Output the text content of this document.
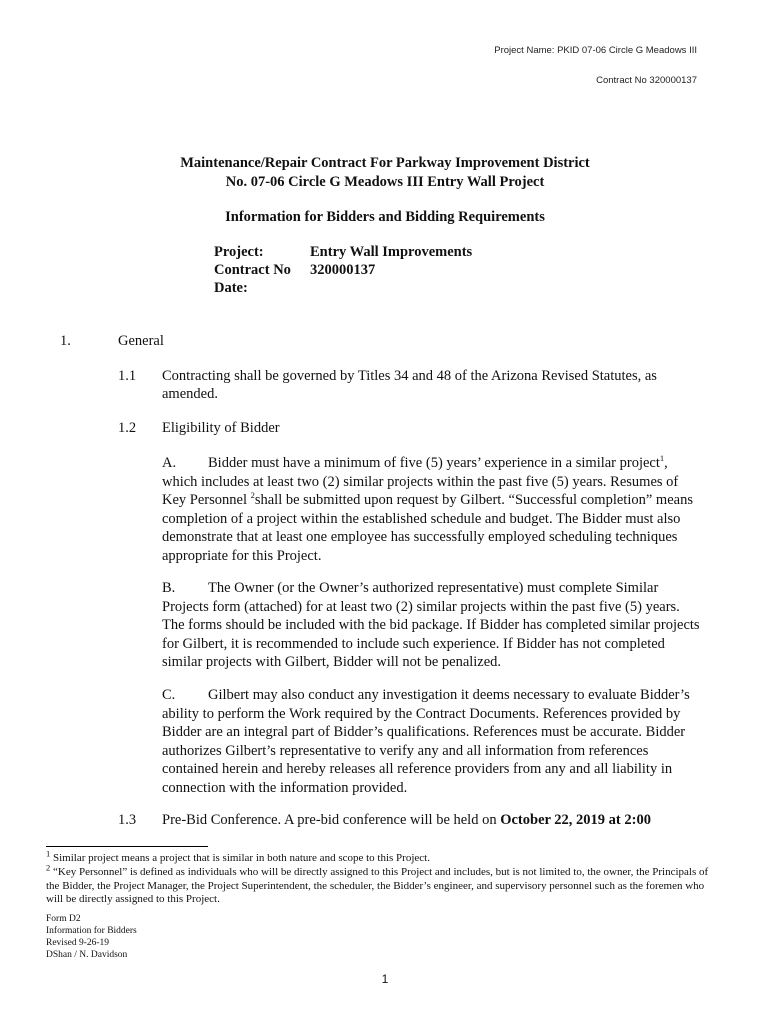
Project Name: PKID 07-06 Circle G Meadows III
Contract No 320000137
Maintenance/Repair Contract For Parkway Improvement District
No. 07-06 Circle G Meadows III Entry Wall Project
Information for Bidders and Bidding Requirements
Project:	Entry Wall Improvements
Contract No 320000137
Date:
1.	General
1.1 Contracting shall be governed by Titles 34 and 48 of the Arizona Revised Statutes, as
amended.
1.2 Eligibility of Bidder
A. Bidder must have a minimum of five (5) years’ experience in a similar project$^1$, which includes at least two (2) similar projects within the past five (5) years. Resumes of Key Personnel $^2$shall be submitted upon request by Gilbert. “Successful completion” means completion of a project within the established schedule and budget. The Bidder must also demonstrate that at least one employee has successfully employed scheduling techniques appropriate for this Project.
B. The Owner (or the Owner’s authorized representative) must complete Similar Projects form (attached) for at least two (2) similar projects within the past five (5) years. The forms should be included with the bid package. If Bidder has completed similar projects for Gilbert, it is recommended to include such experience. If Bidder has not completed similar projects with Gilbert, Bidder will not be penalized.
C. Gilbert may also conduct any investigation it deems necessary to evaluate Bidder’s ability to perform the Work required by the Contract Documents. References provided by Bidder are an integral part of Bidder’s qualifications. References must be accurate. Bidder authorizes Gilbert’s representative to verify any and all information from references contained herein and hereby releases all reference providers from any and all liability in connection with the information provided.
1.3 Pre-Bid Conference. A pre-bid conference will be held on October 22, 2019 at 2:00
$^1$ Similar project means a project that is similar in both nature and scope to this Project.
$^2$ “Key Personnel” is defined as individuals who will be directly assigned to this Project and includes, but is not limited to, the owner, the Principals of the Bidder, the Project Manager, the Project Superintendent, the scheduler, the Bidder’s engineer, and supervisory personnel such as the foremen who will be directly assigned to this Project.
Form D2
Information for Bidders
Revised 9-26-19
DShan / N. Davidson
1
